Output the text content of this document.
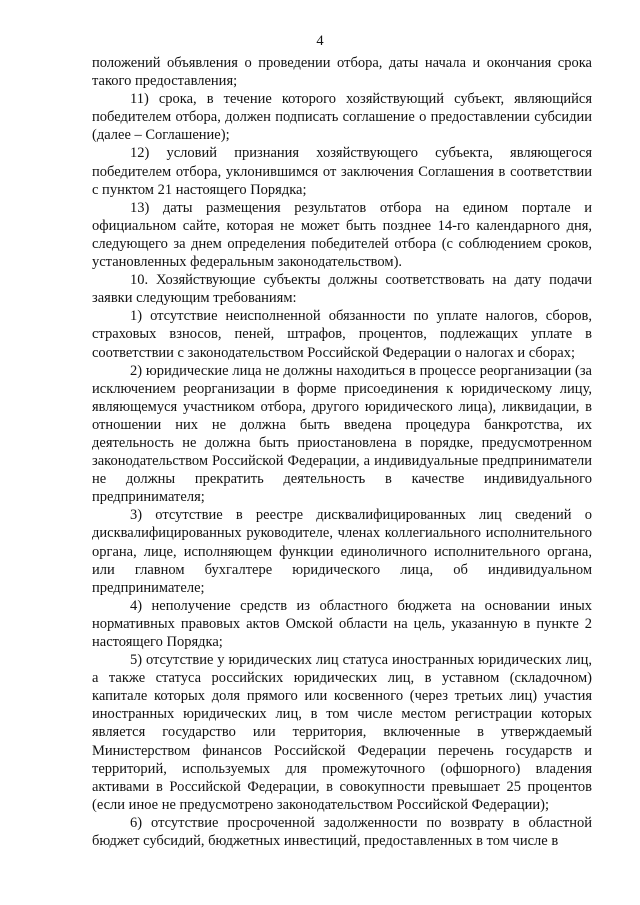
4

положений объявления о проведении отбора, даты начала и окончания срока такого предоставления;

11) срока, в течение которого хозяйствующий субъект, являющийся победителем отбора, должен подписать соглашение о предоставлении субсидии (далее – Соглашение);

12) условий признания хозяйствующего субъекта, являющегося победителем отбора, уклонившимся от заключения Соглашения в соответствии с пунктом 21 настоящего Порядка;

13) даты размещения результатов отбора на едином портале и официальном сайте, которая не может быть позднее 14-го календарного дня, следующего за днем определения победителей отбора (с соблюдением сроков, установленных федеральным законодательством).

10. Хозяйствующие субъекты должны соответствовать на дату подачи заявки следующим требованиям:

1) отсутствие неисполненной обязанности по уплате налогов, сборов, страховых взносов, пеней, штрафов, процентов, подлежащих уплате в соответствии с законодательством Российской Федерации о налогах и сборах;

2) юридические лица не должны находиться в процессе реорганизации (за исключением реорганизации в форме присоединения к юридическому лицу, являющемуся участником отбора, другого юридического лица), ликвидации, в отношении них не должна быть введена процедура банкротства, их деятельность не должна быть приостановлена в порядке, предусмотренном законодательством Российской Федерации, а индивидуальные предприниматели не должны прекратить деятельность в качестве индивидуального предпринимателя;

3) отсутствие в реестре дисквалифицированных лиц сведений о дисквалифицированных руководителе, членах коллегиального исполнительного органа, лице, исполняющем функции единоличного исполнительного органа, или главном бухгалтере юридического лица, об индивидуальном предпринимателе;

4) неполучение средств из областного бюджета на основании иных нормативных правовых актов Омской области на цель, указанную в пункте 2 настоящего Порядка;

5) отсутствие у юридических лиц статуса иностранных юридических лиц, а также статуса российских юридических лиц, в уставном (складочном) капитале которых доля прямого или косвенного (через третьих лиц) участия иностранных юридических лиц, в том числе местом регистрации которых является государство или территория, включенные в утверждаемый Министерством финансов Российской Федерации перечень государств и территорий, используемых для промежуточного (офшорного) владения активами в Российской Федерации, в совокупности превышает 25 процентов (если иное не предусмотрено законодательством Российской Федерации);

6) отсутствие просроченной задолженности по возврату в областной бюджет субсидий, бюджетных инвестиций, предоставленных в том числе в
